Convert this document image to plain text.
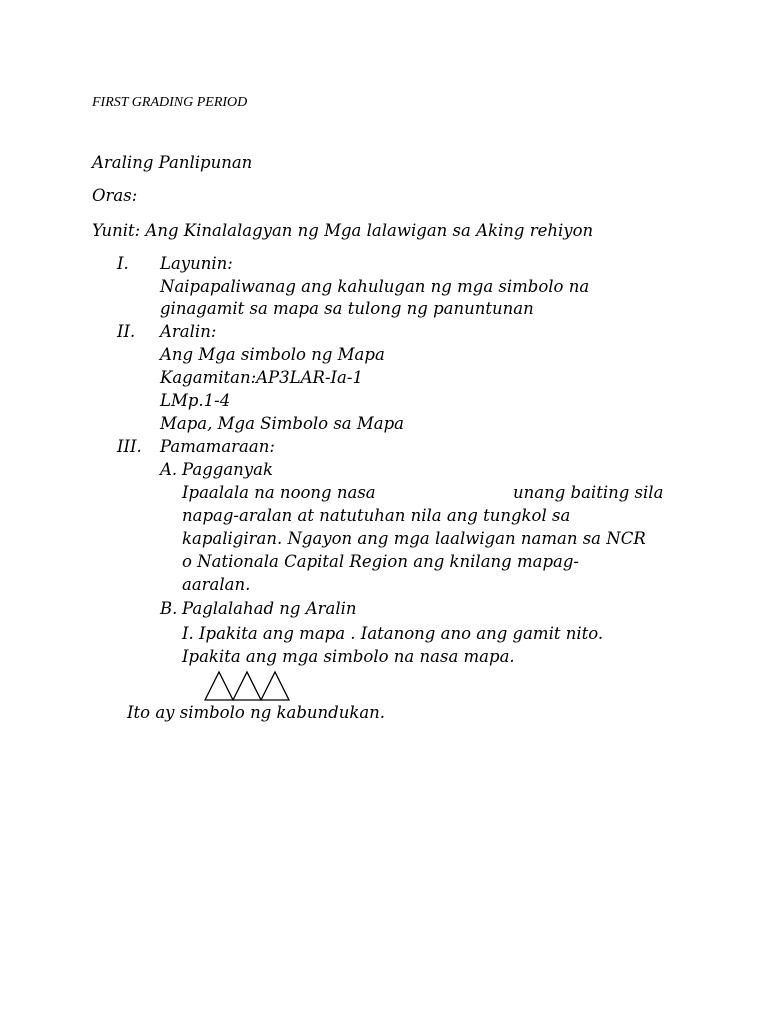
FIRST GRADING PERIOD
Araling Panlipunan
Oras:
Yunit: Ang Kinalalagyan ng Mga lalawigan sa Aking rehiyon
I. Layunin:
Naipapaliwanag ang kahulugan ng mga simbolo na
ginagamit sa mapa sa tulong ng panuntunan
II. Aralin:
Ang Mga simbolo ng Mapa
Kagamitan:AP3LAR-Ia-1
LMp.1-4
Mapa, Mga Simbolo sa Mapa
III. Pamamaraan:
A. Pagganyak
Ipaalala na noong nasa	unang baiting sila
napag-aralan at natutuhan nila ang tungkol sa
kapaligiran. Ngayon ang mga laalwigan naman sa NCR
o Nationala Capital Region ang knilang mapag-
aaralan.
B. Paglalahad ng Aralin
I. Ipakita ang mapa . Iatanong ano ang gamit nito.
Ipakita ang mga simbolo na nasa mapa.
Ito ay simbolo ng kabundukan.
